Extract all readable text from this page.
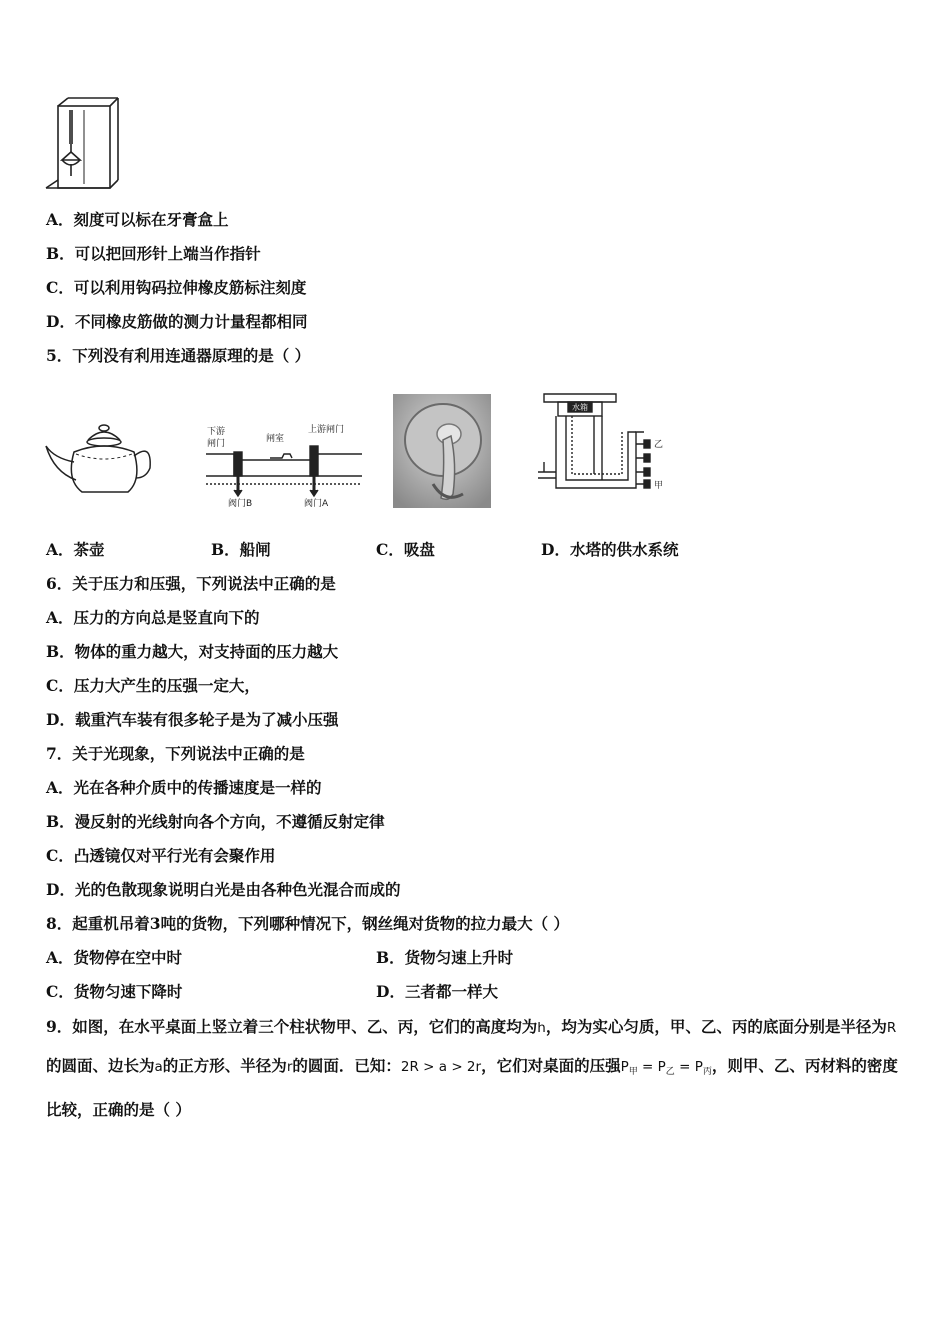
A．刻度可以标在牙膏盒上
B．可以把回形针上端当作指针
C．可以利用钩码拉伸橡皮筋标注刻度
D．不同橡皮筋做的测力计量程都相同
5．下列没有利用连通器原理的是（ ）
下游
闸门	闸室
上游闸门
阀门B	阀门A
水箱
乙
甲
A．茶壶	B．船闸	C．吸盘	D．水塔的供水系统
6．关于压力和压强，下列说法中正确的是
A．压力的方向总是竖直向下的
B．物体的重力越大，对支持面的压力越大
C．压力大产生的压强一定大，
D．载重汽车装有很多轮子是为了减小压强
7．关于光现象，下列说法中正确的是
A．光在各种介质中的传播速度是一样的
B．漫反射的光线射向各个方向，不遵循反射定律
C．凸透镜仅对平行光有会聚作用
D．光的色散现象说明白光是由各种色光混合而成的
8．起重机吊着3吨的货物，下列哪种情况下，钢丝绳对货物的拉力最大（ ）
A．货物停在空中时	B．货物匀速上升时
C．货物匀速下降时	D．三者都一样大
9．如图，在水平桌面上竖立着三个柱状物甲、乙、丙，它们的高度均为h，均为实心匀质，甲、乙、丙的底面分别是半径为R的圆面、边长为a的正方形、半径为r的圆面．已知：2R > a > 2r，它们对桌面的压强$P_甲 = P_乙 = P_丙$，则甲、乙、丙材料的密度比较，正确的是（ ）
